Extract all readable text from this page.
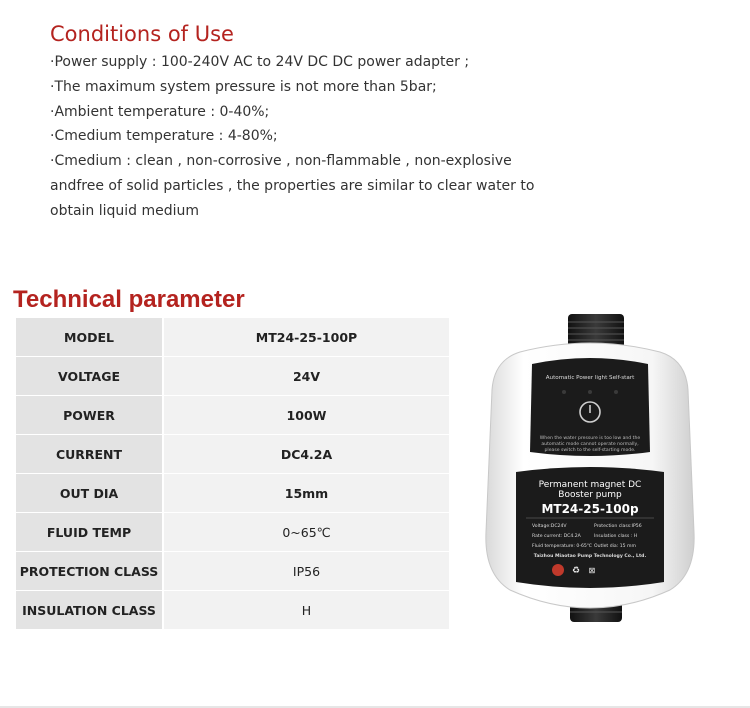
Conditions of Use
·Power supply : 100-240V AC to 24V DC DC power adapter ;
·The maximum system pressure is not more than 5bar;
·Ambient temperature : 0-40%;
·Cmedium temperature : 4-80%;
·Cmedium : clean , non-corrosive , non-flammable , non-explosive
andfree of solid particles , the properties are similar to clear water to
obtain liquid medium
Technical parameter
MODEL	MT24-25-100P
VOLTAGE	24V
POWER	100W
CURRENT	DC4.2A
OUT DIA	15mm
FLUID TEMP	0~65℃
PROTECTION CLASS	IP56
INSULATION CLASS	H
Automatic Power light Self-start
When the water pressure is too low and the
automatic mode cannot operate normally,
please switch to the self-starting mode.
Permanent magnet DC
Booster pump
MT24-25-100p
Voltage:DC24V	Protection class:IP56
Rate current: DC4.2A	Insulation class : H
Fluid temperature: 0-65℃ Outlet dia: 15 mm
Taizhou Miaotao Pump Technology Co., Ltd.
♻ ⊠
